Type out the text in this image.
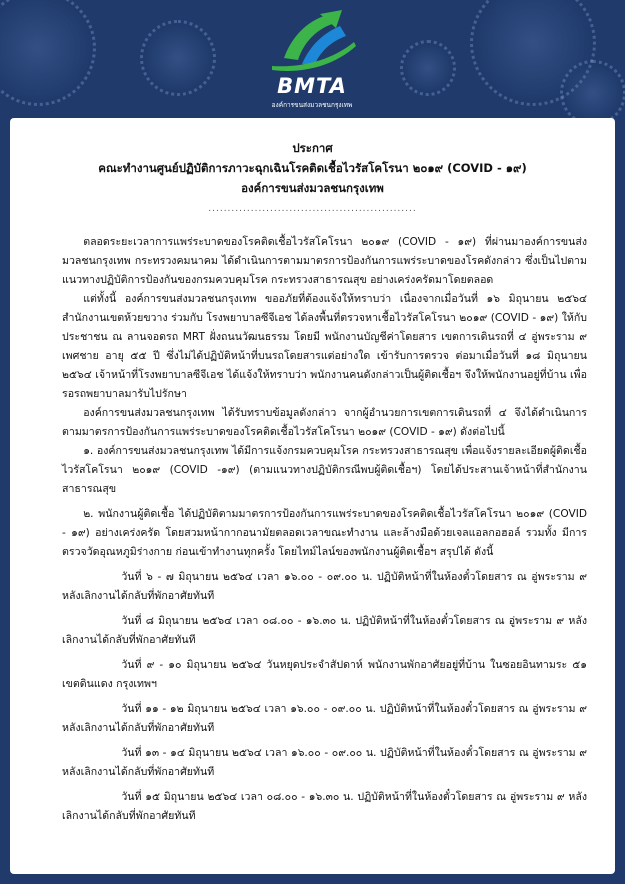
BMTA
องค์การขนส่งมวลชนกรุงเทพ
ประกาศ
คณะทำงานศูนย์ปฏิบัติการภาวะฉุกเฉินโรคติดเชื้อไวรัสโคโรนา ๒๐๑๙ (COVID - ๑๙)
องค์การขนส่งมวลชนกรุงเทพ
......................................................

ตลอดระยะเวลาการแพร่ระบาดของโรคติดเชื้อไวรัสโคโรนา ๒๐๑๙ (COVID - ๑๙) ที่ผ่านมาองค์การขนส่งมวลชนกรุงเทพ กระทรวงคมนาคม ได้ดำเนินการตามมาตรการป้องกันการแพร่ระบาดของโรคดังกล่าว ซึ่งเป็นไปตามแนวทางปฏิบัติการป้องกันของกรมควบคุมโรค กระทรวงสาธารณสุข อย่างเคร่งครัดมาโดยตลอด

แต่ทั้งนี้ องค์การขนส่งมวลชนกรุงเทพ ขออภัยที่ต้องแจ้งให้ทราบว่า เนื่องจากเมื่อวันที่ ๑๖ มิถุนายน ๒๕๖๔ สำนักงานเขตห้วยขวาง ร่วมกับ โรงพยาบาลซีจีเอช ได้ลงพื้นที่ตรวจหาเชื้อไวรัสโคโรนา ๒๐๑๙ (COVID - ๑๙) ให้กับประชาชน ณ ลานจอดรถ MRT ฝั่งถนนวัฒนธรรม โดยมี พนักงานบัญชีค่าโดยสาร เขตการเดินรถที่ ๔ อู่พระราม ๙ เพศชาย อายุ ๕๕ ปี ซึ่งไม่ได้ปฏิบัติหน้าที่บนรถโดยสารแต่อย่างใด เข้ารับการตรวจ ต่อมาเมื่อวันที่ ๑๘ มิถุนายน ๒๕๖๔ เจ้าหน้าที่โรงพยาบาลซีจีเอช ได้แจ้งให้ทราบว่า พนักงานคนดังกล่าวเป็นผู้ติดเชื้อฯ จึงให้พนักงานอยู่ที่บ้าน เพื่อรอรถพยาบาลมารับไปรักษา

องค์การขนส่งมวลชนกรุงเทพ ได้รับทราบข้อมูลดังกล่าว จากผู้อำนวยการเขตการเดินรถที่ ๔ จึงได้ดำเนินการตามมาตรการป้องกันการแพร่ระบาดของโรคติดเชื้อไวรัสโคโรนา ๒๐๑๙ (COVID - ๑๙) ดังต่อไปนี้

๑. องค์การขนส่งมวลชนกรุงเทพ ได้มีการแจ้งกรมควบคุมโรค กระทรวงสาธารณสุข เพื่อแจ้งรายละเอียดผู้ติดเชื้อไวรัสโคโรนา ๒๐๑๙ (COVID -๑๙) (ตามแนวทางปฏิบัติกรณีพบผู้ติดเชื้อฯ) โดยได้ประสานเจ้าหน้าที่สำนักงานสาธารณสุข

๒. พนักงานผู้ติดเชื้อ ได้ปฏิบัติตามมาตรการป้องกันการแพร่ระบาดของโรคติดเชื้อไวรัสโคโรนา ๒๐๑๙ (COVID - ๑๙) อย่างเคร่งครัด โดยสวมหน้ากากอนามัยตลอดเวลาขณะทำงาน และล้างมือด้วยเจลแอลกอฮอล์ รวมทั้ง มีการตรวจวัดอุณหภูมิร่างกาย ก่อนเข้าทำงานทุกครั้ง โดยไทม์ไลน์ของพนักงานผู้ติดเชื้อฯ สรุปได้ ดังนี้

วันที่ ๖ - ๗ มิถุนายน ๒๕๖๔ เวลา ๑๖.๐๐ - ๐๙.๐๐ น. ปฏิบัติหน้าที่ในห้องตั๋วโดยสาร ณ อู่พระราม ๙ หลังเลิกงานได้กลับที่พักอาศัยทันที

วันที่ ๘ มิถุนายน ๒๕๖๔ เวลา ๐๘.๐๐ - ๑๖.๓๐ น. ปฏิบัติหน้าที่ในห้องตั๋วโดยสาร ณ อู่พระราม ๙ หลังเลิกงานได้กลับที่พักอาศัยทันที

วันที่ ๙ - ๑๐ มิถุนายน ๒๕๖๔ วันหยุดประจำสัปดาห์ พนักงานพักอาศัยอยู่ที่บ้าน ในซอยอินทามระ ๕๑ เขตดินแดง กรุงเทพฯ

วันที่ ๑๑ - ๑๒ มิถุนายน ๒๕๖๔ เวลา ๑๖.๐๐ - ๐๙.๐๐ น. ปฏิบัติหน้าที่ในห้องตั๋วโดยสาร ณ อู่พระราม ๙ หลังเลิกงานได้กลับที่พักอาศัยทันที

วันที่ ๑๓ - ๑๔ มิถุนายน ๒๕๖๔ เวลา ๑๖.๐๐ - ๐๙.๐๐ น. ปฏิบัติหน้าที่ในห้องตั๋วโดยสาร ณ อู่พระราม ๙ หลังเลิกงานได้กลับที่พักอาศัยทันที

วันที่ ๑๕ มิถุนายน ๒๕๖๔ เวลา ๐๘.๐๐ - ๑๖.๓๐ น. ปฏิบัติหน้าที่ในห้องตั๋วโดยสาร ณ อู่พระราม ๙ หลังเลิกงานได้กลับที่พักอาศัยทันที
